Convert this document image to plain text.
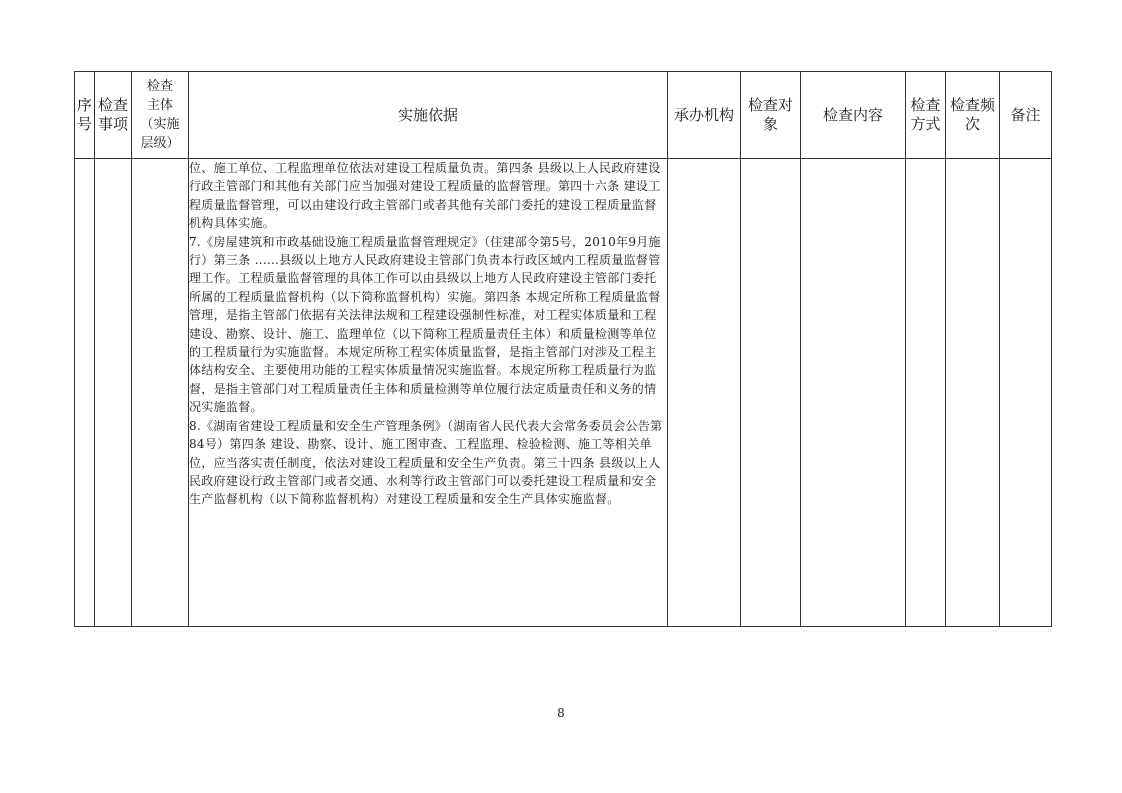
序号	检查事项	检查
主体
（实施
层级）	实施依据	承办机构	检查对象	检查内容	检查方式	检查频次	备注

			位、施工单位、工程监理单位依法对建设工程质量负责。第四条 县级以上人民政府建设行政主管部门和其他有关部门应当加强对建设工程质量的监督管理。第四十六条 建设工程质量监督管理，可以由建设行政主管部门或者其他有关部门委托的建设工程质量监督机构具体实施。

7.《房屋建筑和市政基础设施工程质量监督管理规定》（住建部令第5号，2010年9月施行）第三条 ……县级以上地方人民政府建设主管部门负责本行政区域内工程质量监督管理工作。工程质量监督管理的具体工作可以由县级以上地方人民政府建设主管部门委托所属的工程质量监督机构（以下简称监督机构）实施。第四条 本规定所称工程质量监督管理，是指主管部门依据有关法律法规和工程建设强制性标准，对工程实体质量和工程建设、勘察、设计、施工、监理单位（以下简称工程质量责任主体）和质量检测等单位的工程质量行为实施监督。本规定所称工程实体质量监督，是指主管部门对涉及工程主体结构安全、主要使用功能的工程实体质量情况实施监督。本规定所称工程质量行为监督，是指主管部门对工程质量责任主体和质量检测等单位履行法定质量责任和义务的情况实施监督。

8.《湖南省建设工程质量和安全生产管理条例》（湖南省人民代表大会常务委员会公告第84号）第四条 建设、勘察、设计、施工图审查、工程监理、检验检测、施工等相关单位，应当落实责任制度，依法对建设工程质量和安全生产负责。第三十四条 县级以上人民政府建设行政主管部门或者交通、水利等行政主管部门可以委托建设工程质量和安全生产监督机构（以下简称监督机构）对建设工程质量和安全生产具体实施监督。						

8
